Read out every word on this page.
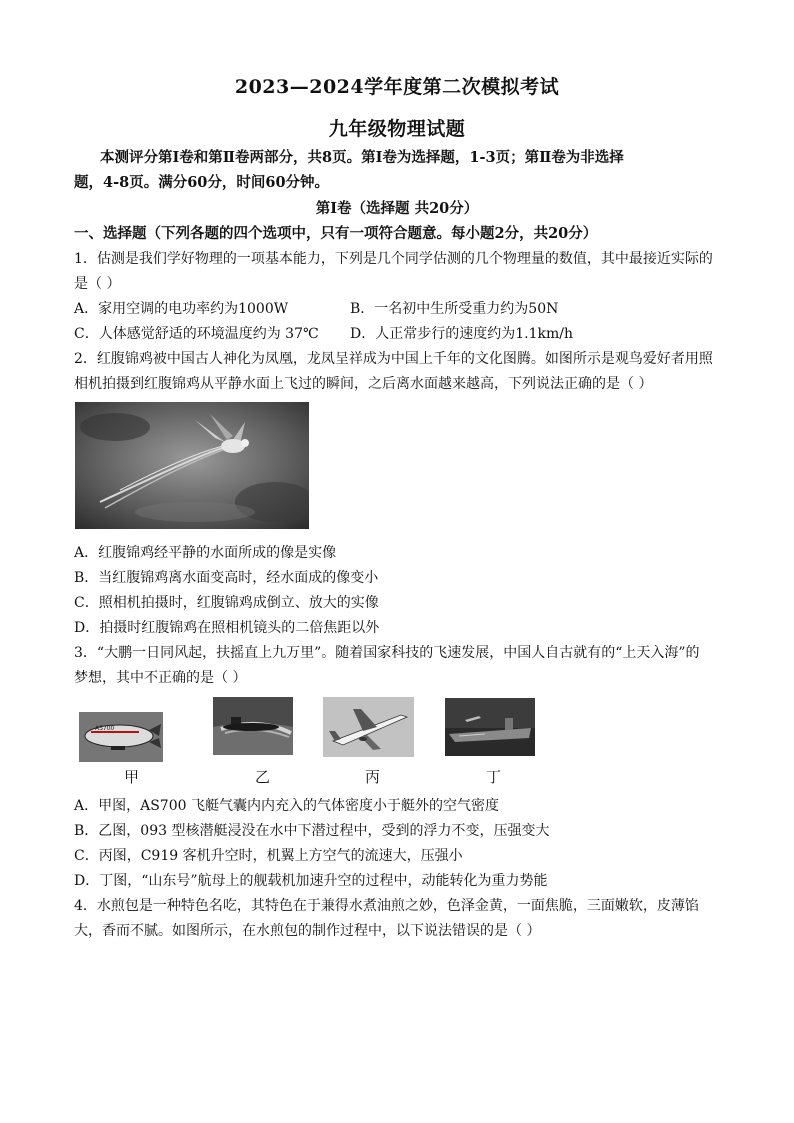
2023—2024学年度第二次模拟考试
九年级物理试题
本测评分第Ⅰ卷和第Ⅱ卷两部分，共8页。第Ⅰ卷为选择题，1-3页；第Ⅱ卷为非选择
题，4-8页。满分60分，时间60分钟。
第Ⅰ卷（选择题 共20分）
一、选择题（下列各题的四个选项中，只有一项符合题意。每小题2分，共20分）
1．估测是我们学好物理的一项基本能力，下列是几个同学估测的几个物理量的数值，其中最接近实际的
是（ ）
A．家用空调的电功率约为1000W	B．一名初中生所受重力约为50N
C．人体感觉舒适的环境温度约为 37℃ D．人正常步行的速度约为1.1km/h
2．红腹锦鸡被中国古人神化为凤凰，龙凤呈祥成为中国上千年的文化图腾。如图所示是观鸟爱好者用照
相机拍摄到红腹锦鸡从平静水面上飞过的瞬间，之后离水面越来越高，下列说法正确的是（ ）
A．红腹锦鸡经平静的水面所成的像是实像
B．当红腹锦鸡离水面变高时，经水面成的像变小
C．照相机拍摄时，红腹锦鸡成倒立、放大的实像
D．拍摄时红腹锦鸡在照相机镜头的二倍焦距以外
3．“大鹏一日同风起，扶摇直上九万里”。随着国家科技的飞速发展，中国人自古就有的“上天入海”的
梦想，其中不正确的是（ ）
AS700
甲	乙	丙	丁
A．甲图，AS700 飞艇气囊内内充入的气体密度小于艇外的空气密度
B．乙图，093 型核潜艇浸没在水中下潜过程中，受到的浮力不变，压强变大
C．丙图，C919 客机升空时，机翼上方空气的流速大，压强小
D．丁图，“山东号”航母上的舰载机加速升空的过程中，动能转化为重力势能
4．水煎包是一种特色名吃，其特色在于兼得水煮油煎之妙，色泽金黄，一面焦脆，三面嫩软，皮薄馅
大，香而不腻。如图所示，在水煎包的制作过程中，以下说法错误的是（ ）
